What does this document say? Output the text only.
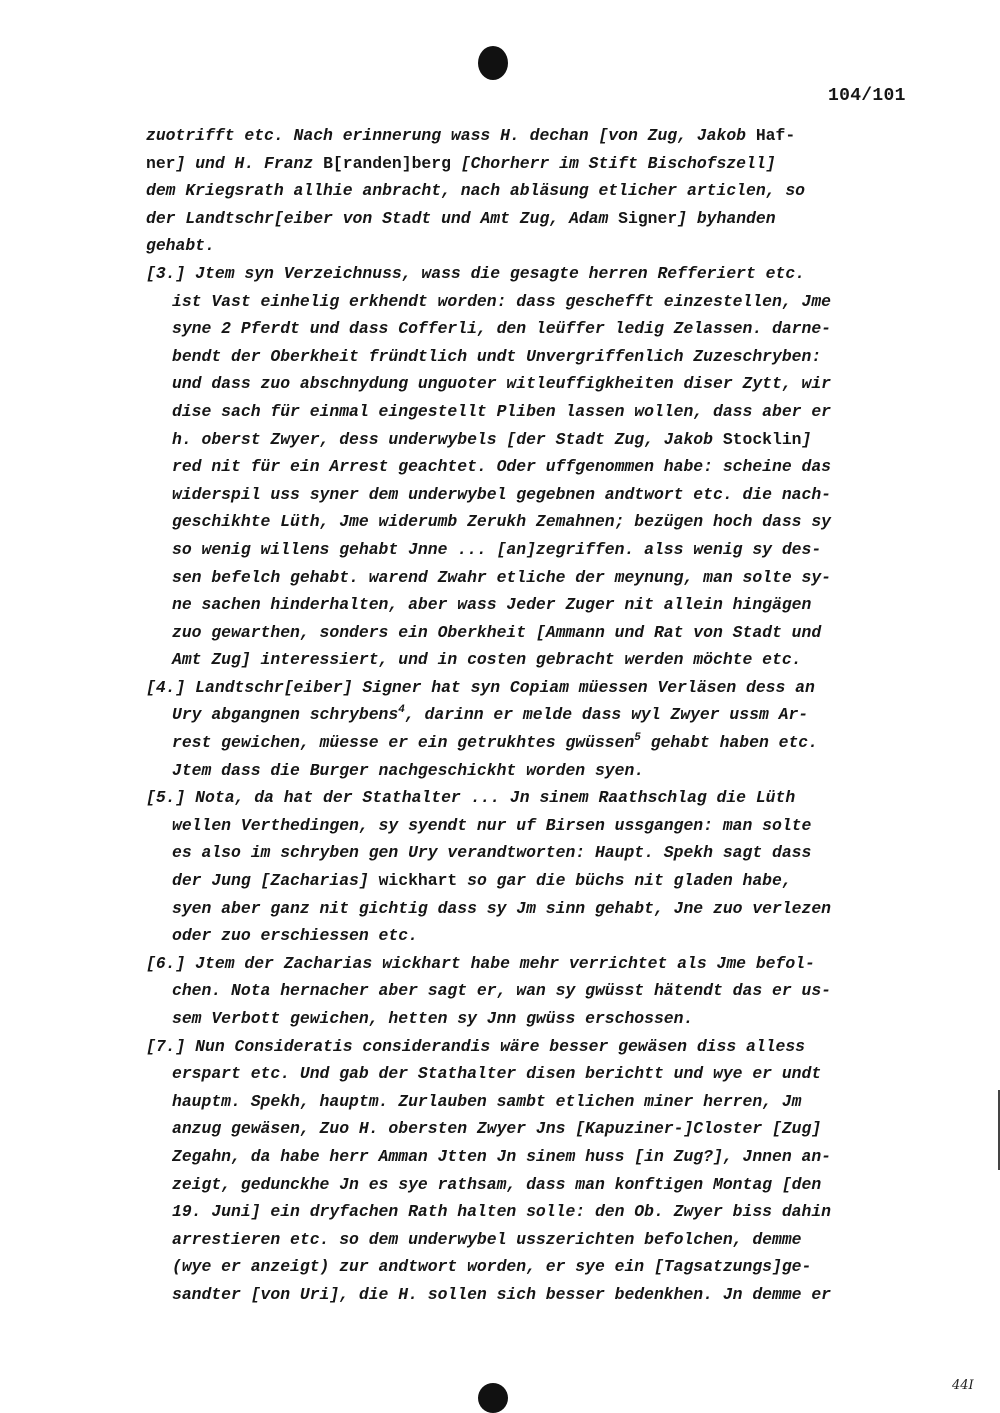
104/101
zuotrifft etc. Nach erinnerung wass H. dechan [von Zug, Jakob Haf-
ner] und H. Franz B[randen]berg [Chorherr im Stift Bischofszell]
dem Kriegsrath allhie anbracht, nach abläsung etlicher articlen, so
der Landtschr[eiber von Stadt und Amt Zug, Adam Signer] byhanden
gehabt.
[3.] Jtem syn Verzeichnuss, wass die gesagte herren Refferiert etc.
ist Vast einhelig erkhendt worden: dass geschefft einzestellen, Jme
syne 2 Pferdt und dass Cofferli, den leüffer ledig Zelassen. darne-
bendt der Oberkheit fründtlich undt Unvergriffenlich Zuzeschryben:
und dass zuo abschnydung unguoter witleuffigkheiten diser Zytt, wir
dise sach für einmal eingestellt Pliben lassen wollen, dass aber er
h. oberst Zwyer, dess underwybels [der Stadt Zug, Jakob Stocklin]
red nit für ein Arrest geachtet. Oder uffgenommen habe: scheine das
widerspil uss syner dem underwybel gegebnen andtwort etc. die nach-
geschikhte Lüth, Jme widerumb Zerukh Zemahnen; bezügen hoch dass sy
so wenig willens gehabt Jnne ... [an]zegriffen. alss wenig sy des-
sen befelch gehabt. warend Zwahr etliche der meynung, man solte sy-
ne sachen hinderhalten, aber wass Jeder Zuger nit allein hingägen
zuo gewarthen, sonders ein Oberkheit [Ammann und Rat von Stadt und
Amt Zug] interessiert, und in costen gebracht werden möchte etc.
[4.] Landtschr[eiber] Signer hat syn Copiam müessen Verläsen dess an
Ury abgangnen schrybens$^4$, darinn er melde dass wyl Zwyer ussm Ar-
rest gewichen, müesse er ein getrukhtes gwüssen$^5$ gehabt haben etc.
Jtem dass die Burger nachgeschickht worden syen.
[5.] Nota, da hat der Stathalter ... Jn sinem Raathschlag die Lüth
wellen Verthedingen, sy syendt nur uf Birsen ussgangen: man solte
es also im schryben gen Ury verandtworten: Haupt. Spekh sagt dass
der Jung [Zacharias] wickhart so gar die büchs nit gladen habe,
syen aber ganz nit gichtig dass sy Jm sinn gehabt, Jne zuo verlezen
oder zuo erschiessen etc.
[6.] Jtem der Zacharias wickhart habe mehr verrichtet als Jme befol-
chen. Nota hernacher aber sagt er, wan sy gwüsst hätendt das er us-
sem Verbott gewichen, hetten sy Jnn gwüss erschossen.
[7.] Nun Consideratis considerandis wäre besser gewäsen diss alless
erspart etc. Und gab der Stathalter disen berichtt und wye er undt
hauptm. Spekh, hauptm. Zurlauben sambt etlichen miner herren, Jm
anzug gewäsen, Zuo H. obersten Zwyer Jns [Kapuziner-]Closter [Zug]
Zegahn, da habe herr Amman Jtten Jn sinem huss [in Zug?], Jnnen an-
zeigt, gedunckhe Jn es sye rathsam, dass man konftigen Montag [den
19. Juni] ein dryfachen Rath halten solle: den Ob. Zwyer biss dahin
arrestieren etc. so dem underwybel usszerichten befolchen, demme
(wye er anzeigt) zur andtwort worden, er sye ein [Tagsatzungs]ge-
sandter [von Uri], die H. sollen sich besser bedenkhen. Jn demme er
44I
